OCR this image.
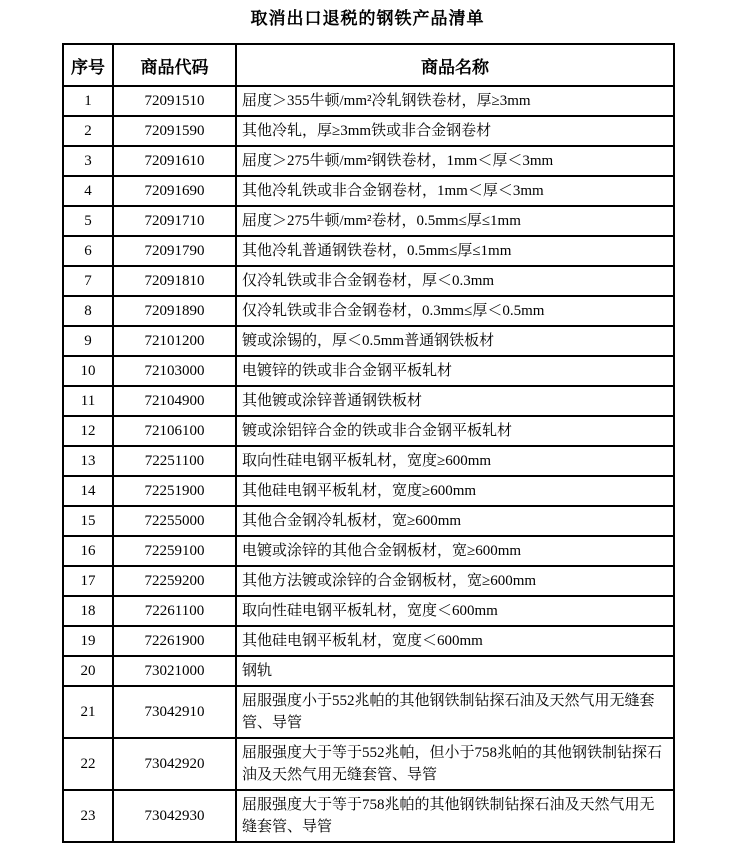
取消出口退税的钢铁产品清单
序号	商品代码	商品名称
1	72091510	屈度＞355牛顿/mm²冷轧钢铁卷材，厚≥3mm
2	72091590	其他冷轧，厚≥3mm铁或非合金钢卷材
3	72091610	屈度＞275牛顿/mm²钢铁卷材，1mm＜厚＜3mm
4	72091690	其他冷轧铁或非合金钢卷材，1mm＜厚＜3mm
5	72091710	屈度＞275牛顿/mm²卷材，0.5mm≤厚≤1mm
6	72091790	其他冷轧普通钢铁卷材，0.5mm≤厚≤1mm
7	72091810	仅冷轧铁或非合金钢卷材，厚＜0.3mm
8	72091890	仅冷轧铁或非合金钢卷材，0.3mm≤厚＜0.5mm
9	72101200	镀或涂锡的，厚＜0.5mm普通钢铁板材
10	72103000	电镀锌的铁或非合金钢平板轧材
11	72104900	其他镀或涂锌普通钢铁板材
12	72106100	镀或涂铝锌合金的铁或非合金钢平板轧材
13	72251100	取向性硅电钢平板轧材，宽度≥600mm
14	72251900	其他硅电钢平板轧材，宽度≥600mm
15	72255000	其他合金钢冷轧板材，宽≥600mm
16	72259100	电镀或涂锌的其他合金钢板材，宽≥600mm
17	72259200	其他方法镀或涂锌的合金钢板材，宽≥600mm
18	72261100	取向性硅电钢平板轧材，宽度＜600mm
19	72261900	其他硅电钢平板轧材，宽度＜600mm
20	73021000	钢轨
21	73042910	屈服强度小于552兆帕的其他钢铁制钻探石油及天然气用无缝套管、导管
22	73042920	屈服强度大于等于552兆帕，但小于758兆帕的其他钢铁制钻探石油及天然气用无缝套管、导管
23	73042930	屈服强度大于等于758兆帕的其他钢铁制钻探石油及天然气用无缝套管、导管
